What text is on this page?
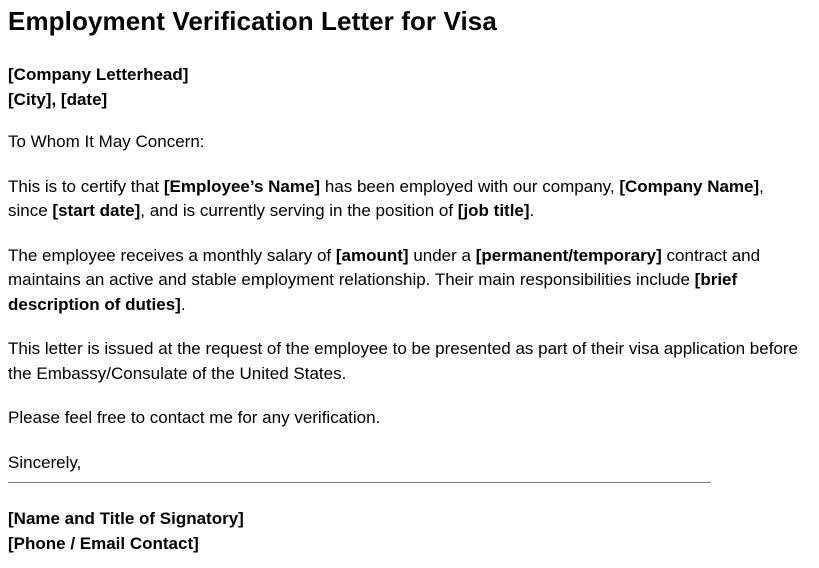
Employment Verification Letter for Visa

[Company Letterhead]
[City], [date]

To Whom It May Concern:

This is to certify that [Employee’s Name] has been employed with our company, [Company Name], since [start date], and is currently serving in the position of [job title].

The employee receives a monthly salary of [amount] under a [permanent/temporary] contract and maintains an active and stable employment relationship. Their main responsibilities include [brief description of duties].

This letter is issued at the request of the employee to be presented as part of their visa application before the Embassy/Consulate of the United States.

Please feel free to contact me for any verification.

Sincerely,

[Name and Title of Signatory]
[Phone / Email Contact]
